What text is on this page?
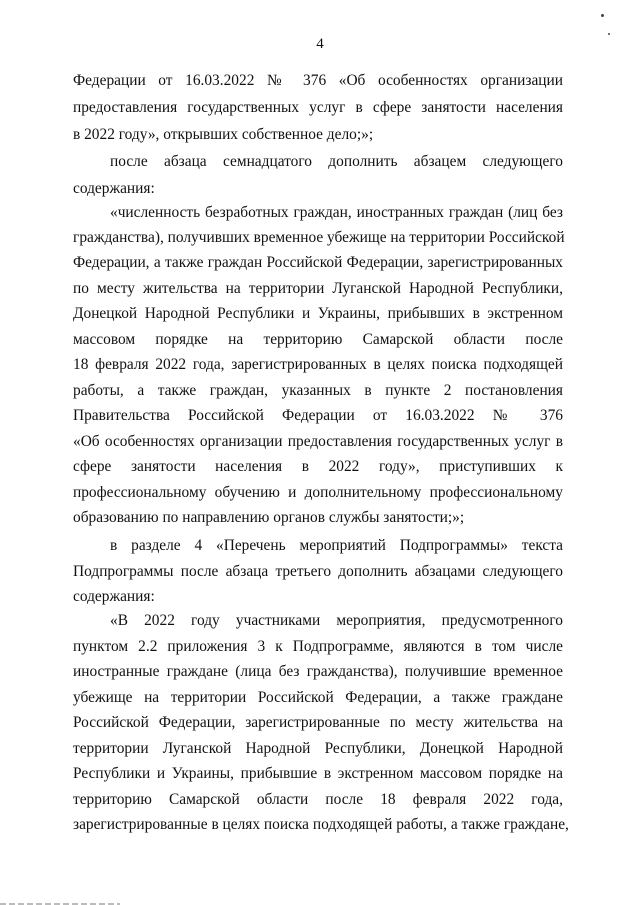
4
Федерации от 16.03.2022 № 376 «Об особенностях организации
предоставления государственных услуг в сфере занятости населения
в 2022 году», открывших собственное дело;»;
после абзаца семнадцатого дополнить абзацем следующего
содержания:
«численность безработных граждан, иностранных граждан (лиц без
гражданства), получивших временное убежище на территории Российской
Федерации, а также граждан Российской Федерации, зарегистрированных
по месту жительства на территории Луганской Народной Республики,
Донецкой Народной Республики и Украины, прибывших в экстренном
массовом порядке на территорию Самарской области после
18 февраля 2022 года, зарегистрированных в целях поиска подходящей
работы, а также граждан, указанных в пункте 2 постановления
Правительства Российской Федерации от 16.03.2022 № 376
«Об особенностях организации предоставления государственных услуг в
сфере занятости населения в 2022 году», приступивших к
профессиональному обучению и дополнительному профессиональному
образованию по направлению органов службы занятости;»;
в разделе 4 «Перечень мероприятий Подпрограммы» текста
Подпрограммы после абзаца третьего дополнить абзацами следующего
содержания:
«В 2022 году участниками мероприятия, предусмотренного
пунктом 2.2 приложения 3 к Подпрограмме, являются в том числе
иностранные граждане (лица без гражданства), получившие временное
убежище на территории Российской Федерации, а также граждане
Российской Федерации, зарегистрированные по месту жительства на
территории Луганской Народной Республики, Донецкой Народной
Республики и Украины, прибывшие в экстренном массовом порядке на
территорию Самарской области после 18 февраля 2022 года,
зарегистрированные в целях поиска подходящей работы, а также граждане,
